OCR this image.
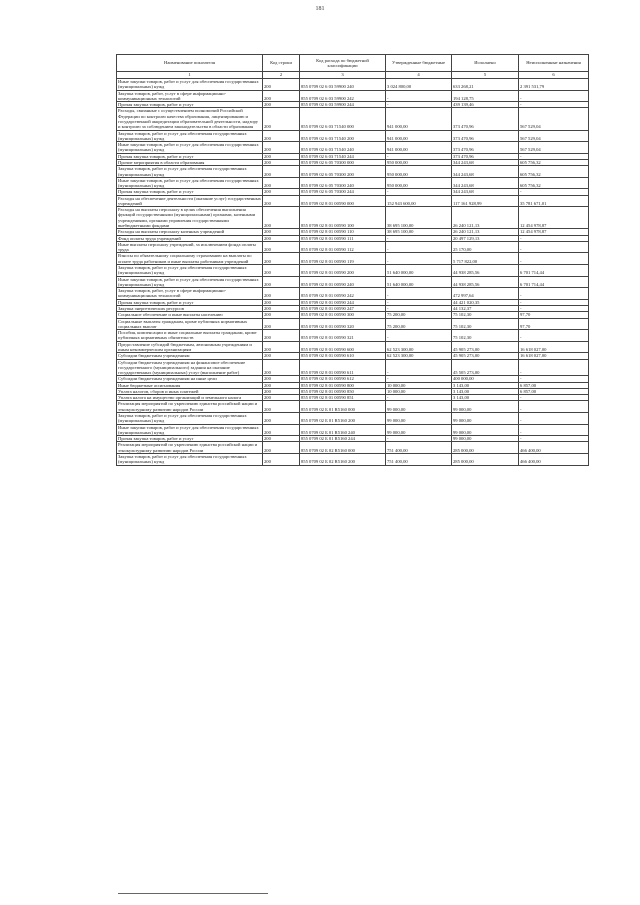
181
Наименование показателя	Код строки	Код расхода по бюджетной классификации	Утвержденные бюджетные	Исполнено	Неисполненные назначения
1	2	3	4	5	6
Иные закупки товаров, работ и услуг для обеспечения государственных (муниципальных) нужд	200	855 0709 02 6 03 59900 240	3 024 800,00	633 268,21	2 391 531,79
Закупка товаров, работ, услуг в сфере информационно-коммуникационных технологий	200	855 0709 02 6 03 59900 242	-	194 128,75	-
Прочая закупка товаров, работ и услуг	200	855 0709 02 6 03 59900 244	-	439 139,46	-
Расходы, связанные с осуществлением полномочий Российской Федерации по контролю качества образования, лицензированию и государственной аккредитации образовательной деятельности, надзору и контролю за соблюдением законодательства в области образования	200	855 0709 02 6 03 71540 000	941 000,00	373 470,96	567 529,04
Закупка товаров, работ и услуг для обеспечения государственных (муниципальных) нужд	200	855 0709 02 6 03 71540 200	941 000,00	373 470,96	567 529,04
Иные закупки товаров, работ и услуг для обеспечения государственных (муниципальных) нужд	200	855 0709 02 6 03 71540 240	941 000,00	373 470,96	567 529,04
Прочая закупка товаров, работ и услуг	200	855 0709 02 6 03 71540 244	-	373 470,96	-
Прочие мероприятия в области образования	200	855 0709 02 6 05 70300 000	950 000,00	344 243,68	605 756,32
Закупка товаров, работ и услуг для обеспечения государственных (муниципальных) нужд	200	855 0709 02 6 05 70300 200	950 000,00	344 243,68	605 756,32
Иные закупки товаров, работ и услуг для обеспечения государственных (муниципальных) нужд	200	855 0709 02 6 05 70300 240	950 000,00	344 243,68	605 756,32
Прочая закупка товаров, работ и услуг	200	855 0709 02 6 05 70300 244	-	344 243,68	-
Расходы на обеспечение деятельности (оказание услуг) государственных учреждений	200	855 0709 02 8 01 00590 000	152 943 600,00	117 161 928,99	35 781 671,01
Расходы на выплаты персоналу в целях обеспечения выполнения функций государственными (муниципальными) органами, казенными учреждениями, органами управления государственными внебюджетными фондами	200	855 0709 02 8 01 00590 100	38 695 100,00	26 240 121,13	12 454 978,87
Расходы на выплаты персоналу казенных учреждений	200	855 0709 02 8 01 00590 110	38 695 100,00	26 240 121,13	12 454 978,87
Фонд оплаты труда учреждений	200	855 0709 02 8 01 00590 111	-	20 497 129,13	-
Иные выплаты персоналу учреждений, за исключением фонда оплаты труда	200	855 0709 02 8 01 00590 112	-	25 170,00	-
Взносы по обязательному социальному страхованию на выплаты по оплате труда работников и иные выплаты работникам учреждений	200	855 0709 02 8 01 00590 119	-	5 717 822,00	-
Закупка товаров, работ и услуг для обеспечения государственных (муниципальных) нужд	200	855 0709 02 8 01 00590 200	51 640 000,00	44 938 285,56	6 701 714,44
Иные закупки товаров, работ и услуг для обеспечения государственных (муниципальных) нужд	200	855 0709 02 8 01 00590 240	51 640 000,00	44 938 285,56	6 701 714,44
Закупка товаров, работ, услуг в сфере информационно-коммуникационных технологий	200	855 0709 02 8 01 00590 242	-	472 997,64	-
Прочая закупка товаров, работ и услуг	200	855 0709 02 8 01 00590 244	-	44 421 020,35	-
Закупка энергетических ресурсов	200	855 0709 02 8 01 00590 247	-	44 132,37	-
Социальное обеспечение и иные выплаты населению	200	855 0709 02 8 01 00590 300	75 200,00	75 102,30	97,70
Социальные выплаты гражданам, кроме публичных нормативных социальных выплат	200	855 0709 02 8 01 00590 320	75 200,00	75 102,30	97,70
Пособия, компенсации и иные социальные выплаты гражданам, кроме публичных нормативных обязательств	200	855 0709 02 8 01 00590 321	-	75 102,30	-
Предоставление субсидий бюджетным, автономным учреждениям и иным некоммерческим организациям	200	855 0709 02 8 01 00590 600	62 523 300,00	45 905 273,00	16 618 027,00
Субсидии бюджетным учреждениям	200	855 0709 02 8 01 00590 610	62 523 300,00	45 905 273,00	16 618 027,00
Субсидии бюджетным учреждениям на финансовое обеспечение государственного (муниципального) задания на оказание государственных (муниципальных) услуг (выполнение работ)	200	855 0709 02 8 01 00590 611	-	45 505 273,00	-
Субсидии бюджетным учреждениям на иные цели	200	855 0709 02 8 01 00590 612	-	400 000,00	-
Иные бюджетные ассигнования	200	855 0709 02 8 01 00590 800	10 000,00	3 143,00	6 857,00
Уплата налогов, сборов и иных платежей	200	855 0709 02 8 01 00590 850	10 000,00	3 143,00	6 857,00
Уплата налога на имущество организаций и земельного налога	200	855 0709 02 8 01 00590 851	-	3 143,00	-
Реализация мероприятий по укреплению единства российской нации и этнокультурному развитию народов России	200	855 0709 02 Б 01 R5160 000	99 000,00	99 000,00	-
Закупка товаров, работ и услуг для обеспечения государственных (муниципальных) нужд	200	855 0709 02 Б 01 R5160 200	99 000,00	99 000,00	-
Иные закупки товаров, работ и услуг для обеспечения государственных (муниципальных) нужд	200	855 0709 02 Б 01 R5160 240	99 000,00	99 000,00	-
Прочая закупка товаров, работ и услуг	200	855 0709 02 Б 01 R5160 244	-	99 000,00	-
Реализация мероприятий по укреплению единства российской нации и этнокультурному развитию народов России	200	855 0709 02 Б 02 R5160 000	751 400,00	285 000,00	466 400,00
Закупка товаров, работ и услуг для обеспечения государственных (муниципальных) нужд	200	855 0709 02 Б 02 R5160 200	751 400,00	285 000,00	466 400,00
